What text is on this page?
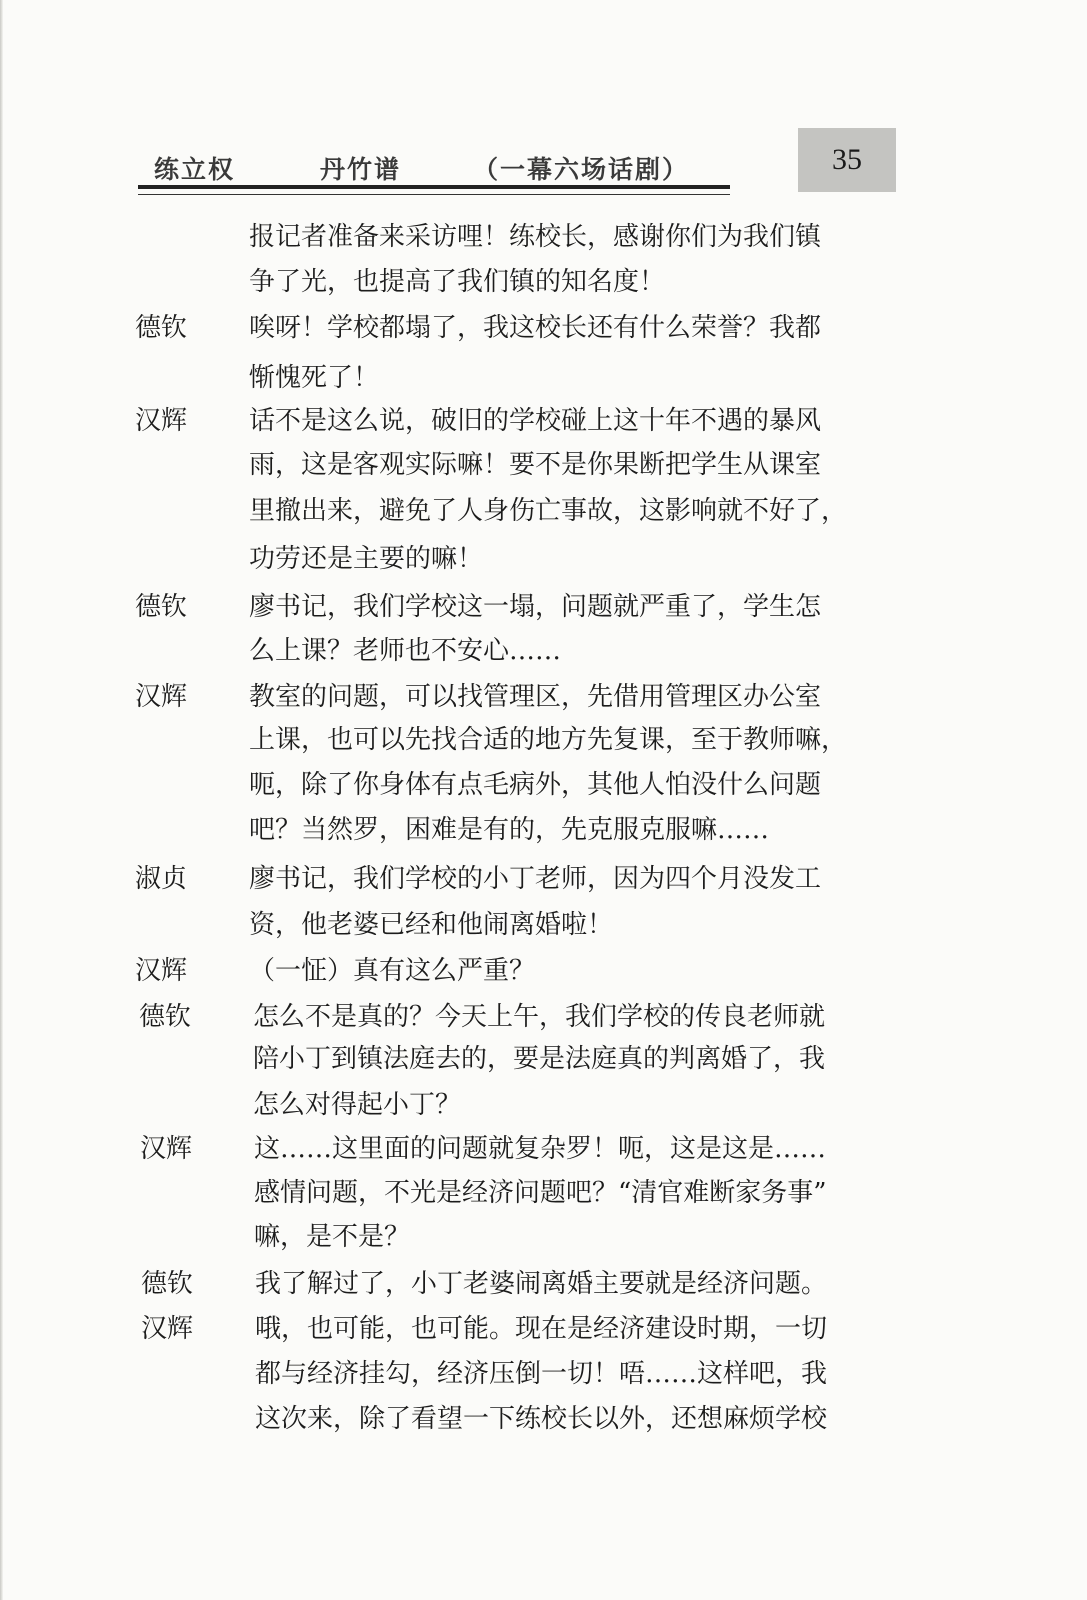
练立权	丹竹谱	（一幕六场话剧）	35
报记者准备来采访哩！练校长，感谢你们为我们镇
争了光，也提高了我们镇的知名度！
德钦 唉呀！学校都塌了，我这校长还有什么荣誉？我都
惭愧死了！
汉辉 话不是这么说，破旧的学校碰上这十年不遇的暴风
雨，这是客观实际嘛！要不是你果断把学生从课室
里撤出来，避免了人身伤亡事故，这影响就不好了，
功劳还是主要的嘛！
德钦 廖书记，我们学校这一塌，问题就严重了，学生怎
么上课？老师也不安心……
汉辉 教室的问题，可以找管理区，先借用管理区办公室
上课，也可以先找合适的地方先复课，至于教师嘛，
呃，除了你身体有点毛病外，其他人怕没什么问题
吧？当然罗，困难是有的，先克服克服嘛……
淑贞 廖书记，我们学校的小丁老师，因为四个月没发工
资，他老婆已经和他闹离婚啦！
汉辉 （一怔）真有这么严重？
德钦 怎么不是真的？今天上午，我们学校的传良老师就
陪小丁到镇法庭去的，要是法庭真的判离婚了，我
怎么对得起小丁？
汉辉 这……这里面的问题就复杂罗！呃，这是这是……
感情问题，不光是经济问题吧？“清官难断家务事”
嘛，是不是？
德钦 我了解过了，小丁老婆闹离婚主要就是经济问题。
汉辉 哦，也可能，也可能。现在是经济建设时期，一切
都与经济挂勾，经济压倒一切！唔……这样吧，我
这次来，除了看望一下练校长以外，还想麻烦学校
